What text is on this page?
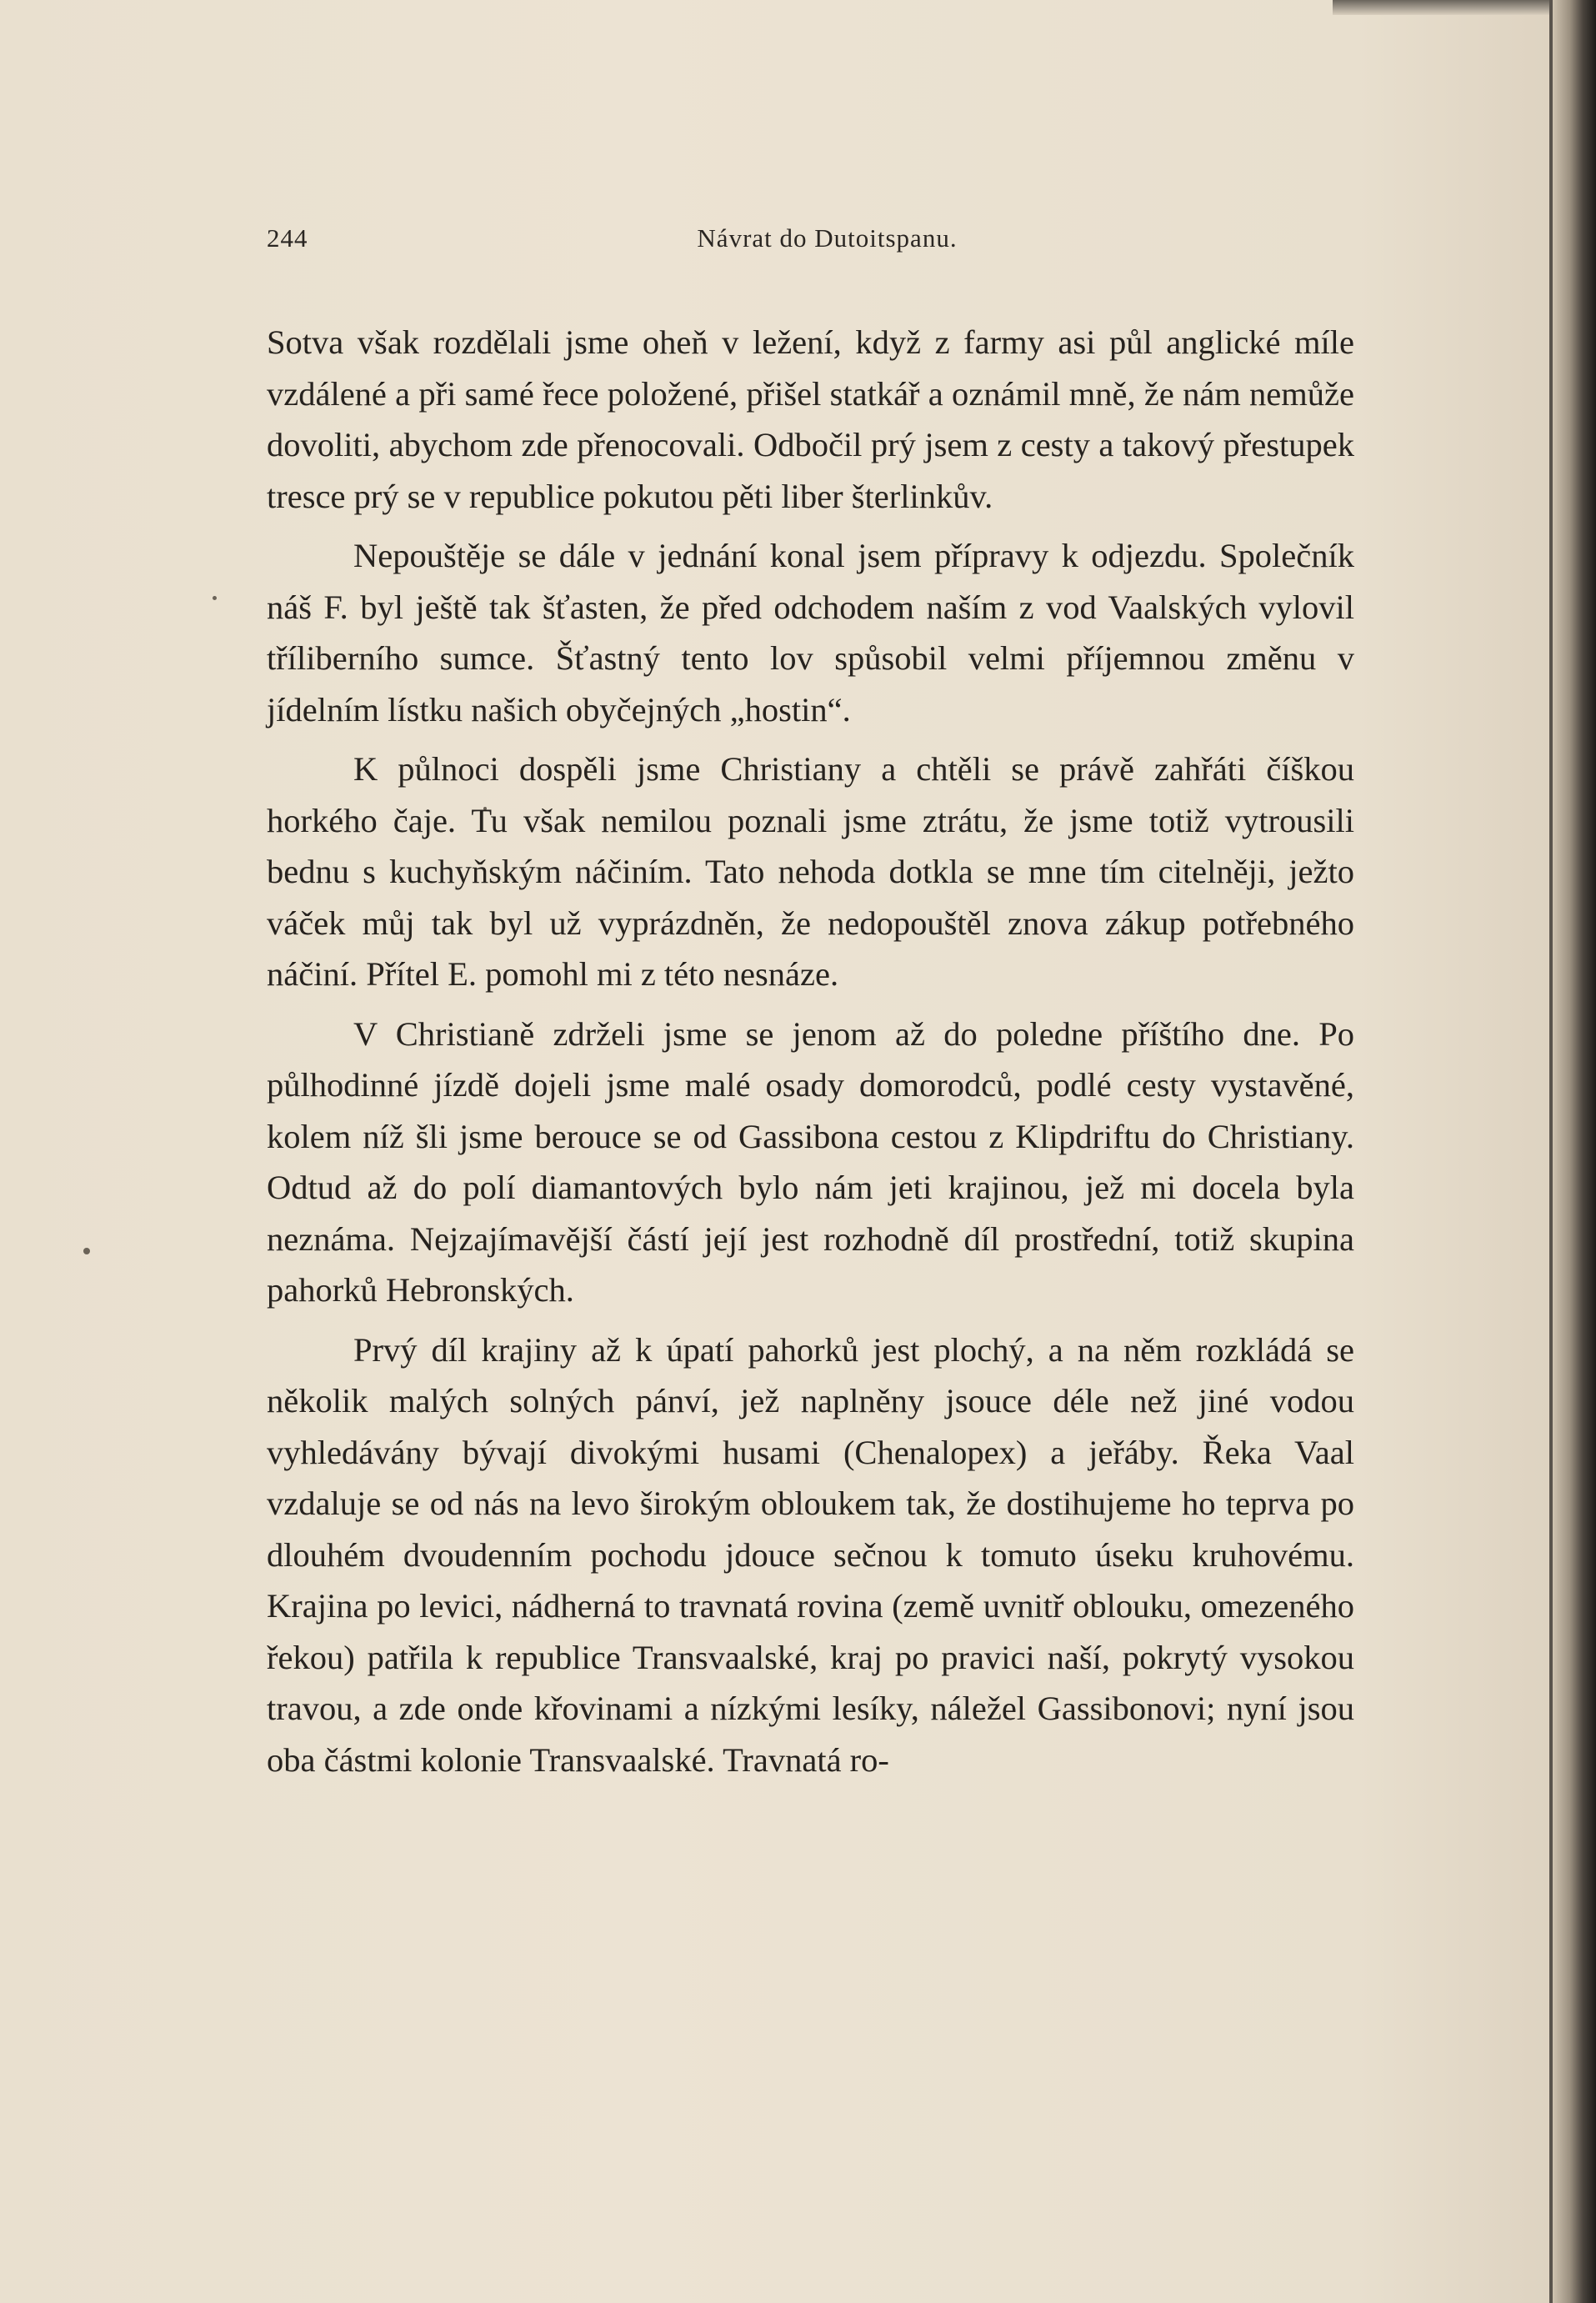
244	Návrat do Dutoitspanu.

Sotva však rozdělali jsme oheň v ležení, když z farmy asi půl anglické míle vzdálené a při samé řece položené, přišel statkář a oznámil mně, že nám nemůže dovoliti, abychom zde přenocovali. Odbočil prý jsem z cesty a takový přestupek tresce prý se v republice pokutou pěti liber šterlinkův.

Nepouštěje se dále v jednání konal jsem přípravy k odjezdu. Společník náš F. byl ještě tak šťasten, že před odchodem naším z vod Vaalských vylovil tříliberního sumce. Šťastný tento lov spůsobil velmi příjemnou změnu v jídelním lístku našich obyčejných „hostin“.

K půlnoci dospěli jsme Christiany a chtěli se právě zahřáti číškou horkého čaje. Tu však nemilou poznali jsme ztrátu, že jsme totiž vytrousili bednu s kuchyňským náčiním. Tato nehoda dotkla se mne tím citelněji, ježto váček můj tak byl už vyprázdněn, že nedopouštěl znova zákup potřebného náčiní. Přítel E. pomohl mi z této nesnáze.

V Christianě zdrželi jsme se jenom až do poledne příštího dne. Po půlhodinné jízdě dojeli jsme malé osady domorodců, podlé cesty vystavěné, kolem níž šli jsme berouce se od Gassibona cestou z Klipdriftu do Christiany. Odtud až do polí diamantových bylo nám jeti krajinou, jež mi docela byla neznáma. Nejzajímavější částí její jest rozhodně díl prostřední, totiž skupina pahorků Hebronských.

Prvý díl krajiny až k úpatí pahorků jest plochý, a na něm rozkládá se několik malých solných pánví, jež naplněny jsouce déle než jiné vodou vyhledávány bývají divokými husami (Chenalopex) a jeřáby. Řeka Vaal vzdaluje se od nás na levo širokým obloukem tak, že dostihujeme ho teprva po dlouhém dvoudenním pochodu jdouce sečnou k tomuto úseku kruhovému. Krajina po levici, nádherná to travnatá rovina (země uvnitř oblouku, omezeného řekou) patřila k republice Transvaalské, kraj po pravici naší, pokrytý vysokou travou, a zde onde křovinami a nízkými lesíky, náležel Gassibonovi; nyní jsou oba částmi kolonie Transvaalské. Travnatá ro-
